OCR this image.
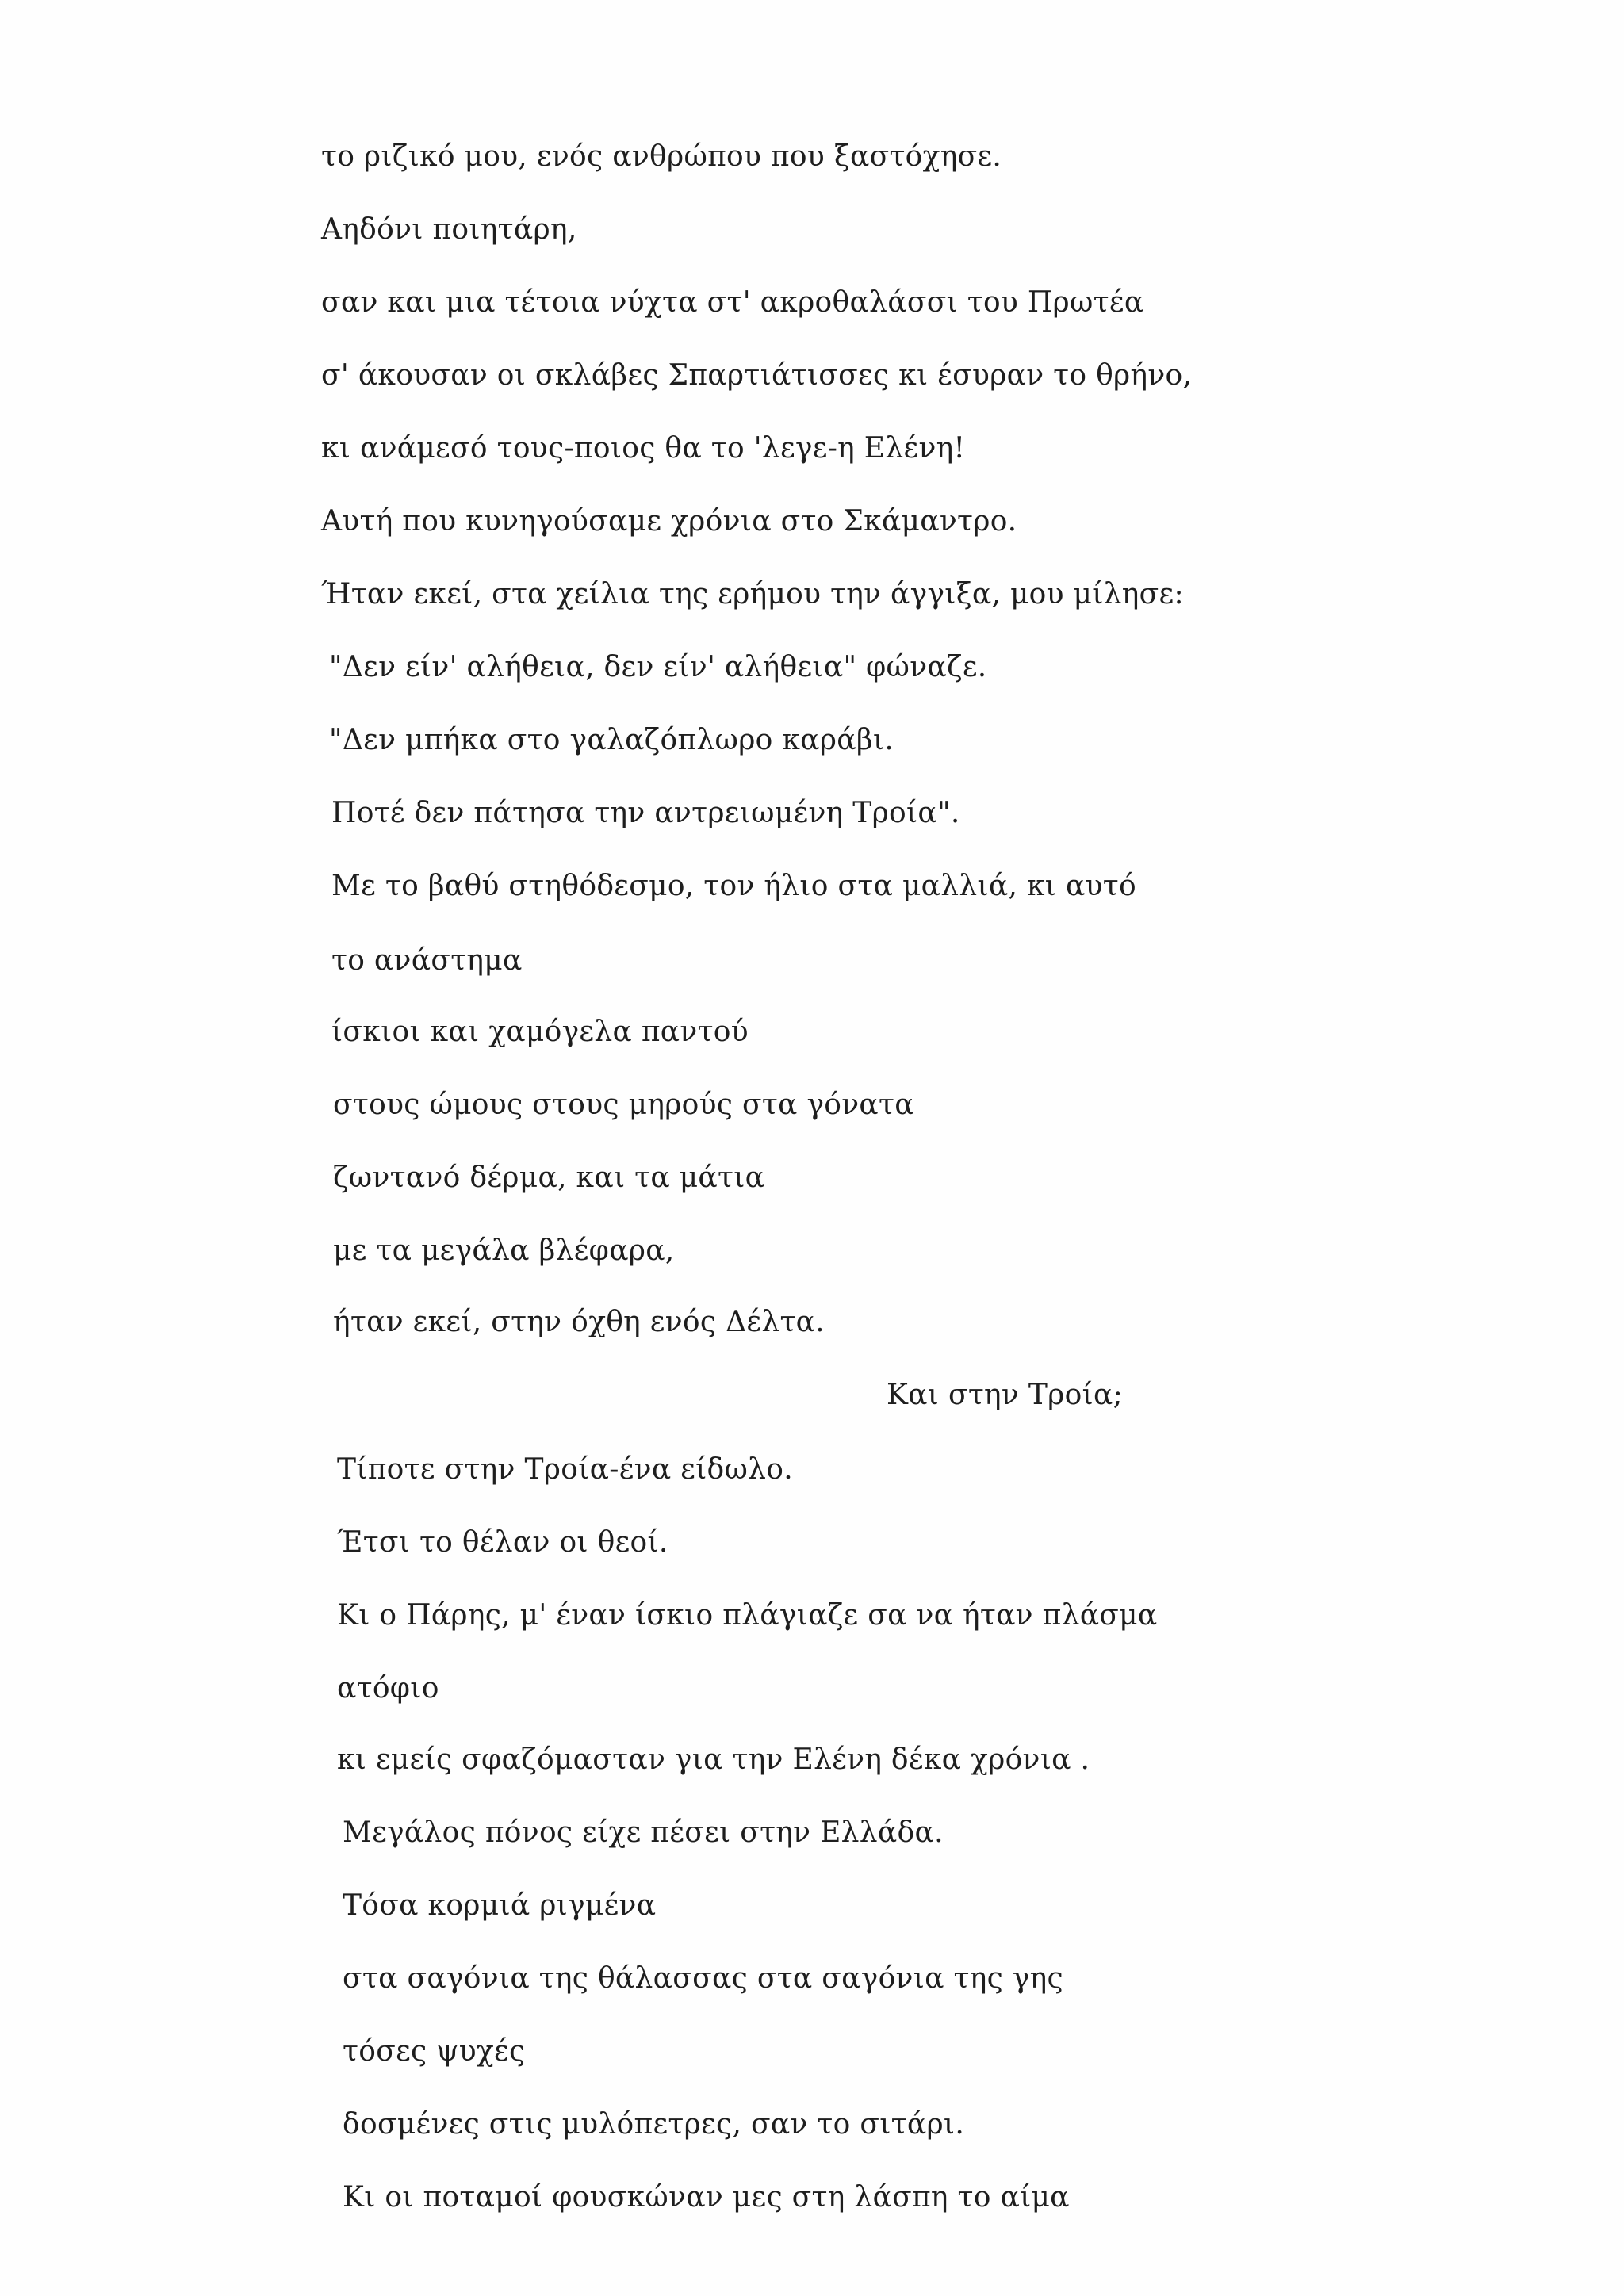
το ριζικό μου, ενός ανθρώπου που ξαστόχησε.
Αηδόνι ποιητάρη,
σαν και μια τέτοια νύχτα στ' ακροθαλάσσι του Πρωτέα
σ' άκουσαν οι σκλάβες Σπαρτιάτισσες κι έσυραν το θρήνο,
κι ανάμεσό τους-ποιος θα το 'λεγε-η Ελένη!
Αυτή που κυνηγούσαμε χρόνια στο Σκάμαντρο.
Ήταν εκεί, στα χείλια της ερήμου την άγγιξα, μου μίλησε:
"Δεν είν' αλήθεια, δεν είν' αλήθεια" φώναζε.
"Δεν μπήκα στο γαλαζόπλωρο καράβι.
Ποτέ δεν πάτησα την αντρειωμένη Τροία".
Με το βαθύ στηθόδεσμο, τον ήλιο στα μαλλιά, κι αυτό
το ανάστημα
ίσκιοι και χαμόγελα παντού
στους ώμους στους μηρούς στα γόνατα
ζωντανό δέρμα, και τα μάτια
με τα μεγάλα βλέφαρα,
ήταν εκεί, στην όχθη ενός Δέλτα.
Και στην Τροία;
Τίποτε στην Τροία-ένα είδωλο.
Έτσι το θέλαν οι θεοί.
Κι ο Πάρης, μ' έναν ίσκιο πλάγιαζε σα να ήταν πλάσμα
ατόφιο
κι εμείς σφαζόμασταν για την Ελένη δέκα χρόνια .
Μεγάλος πόνος είχε πέσει στην Ελλάδα.
Τόσα κορμιά ριγμένα
στα σαγόνια της θάλασσας στα σαγόνια της γης
τόσες ψυχές
δοσμένες στις μυλόπετρες, σαν το σιτάρι.
Κι οι ποταμοί φουσκώναν μες στη λάσπη το αίμα
